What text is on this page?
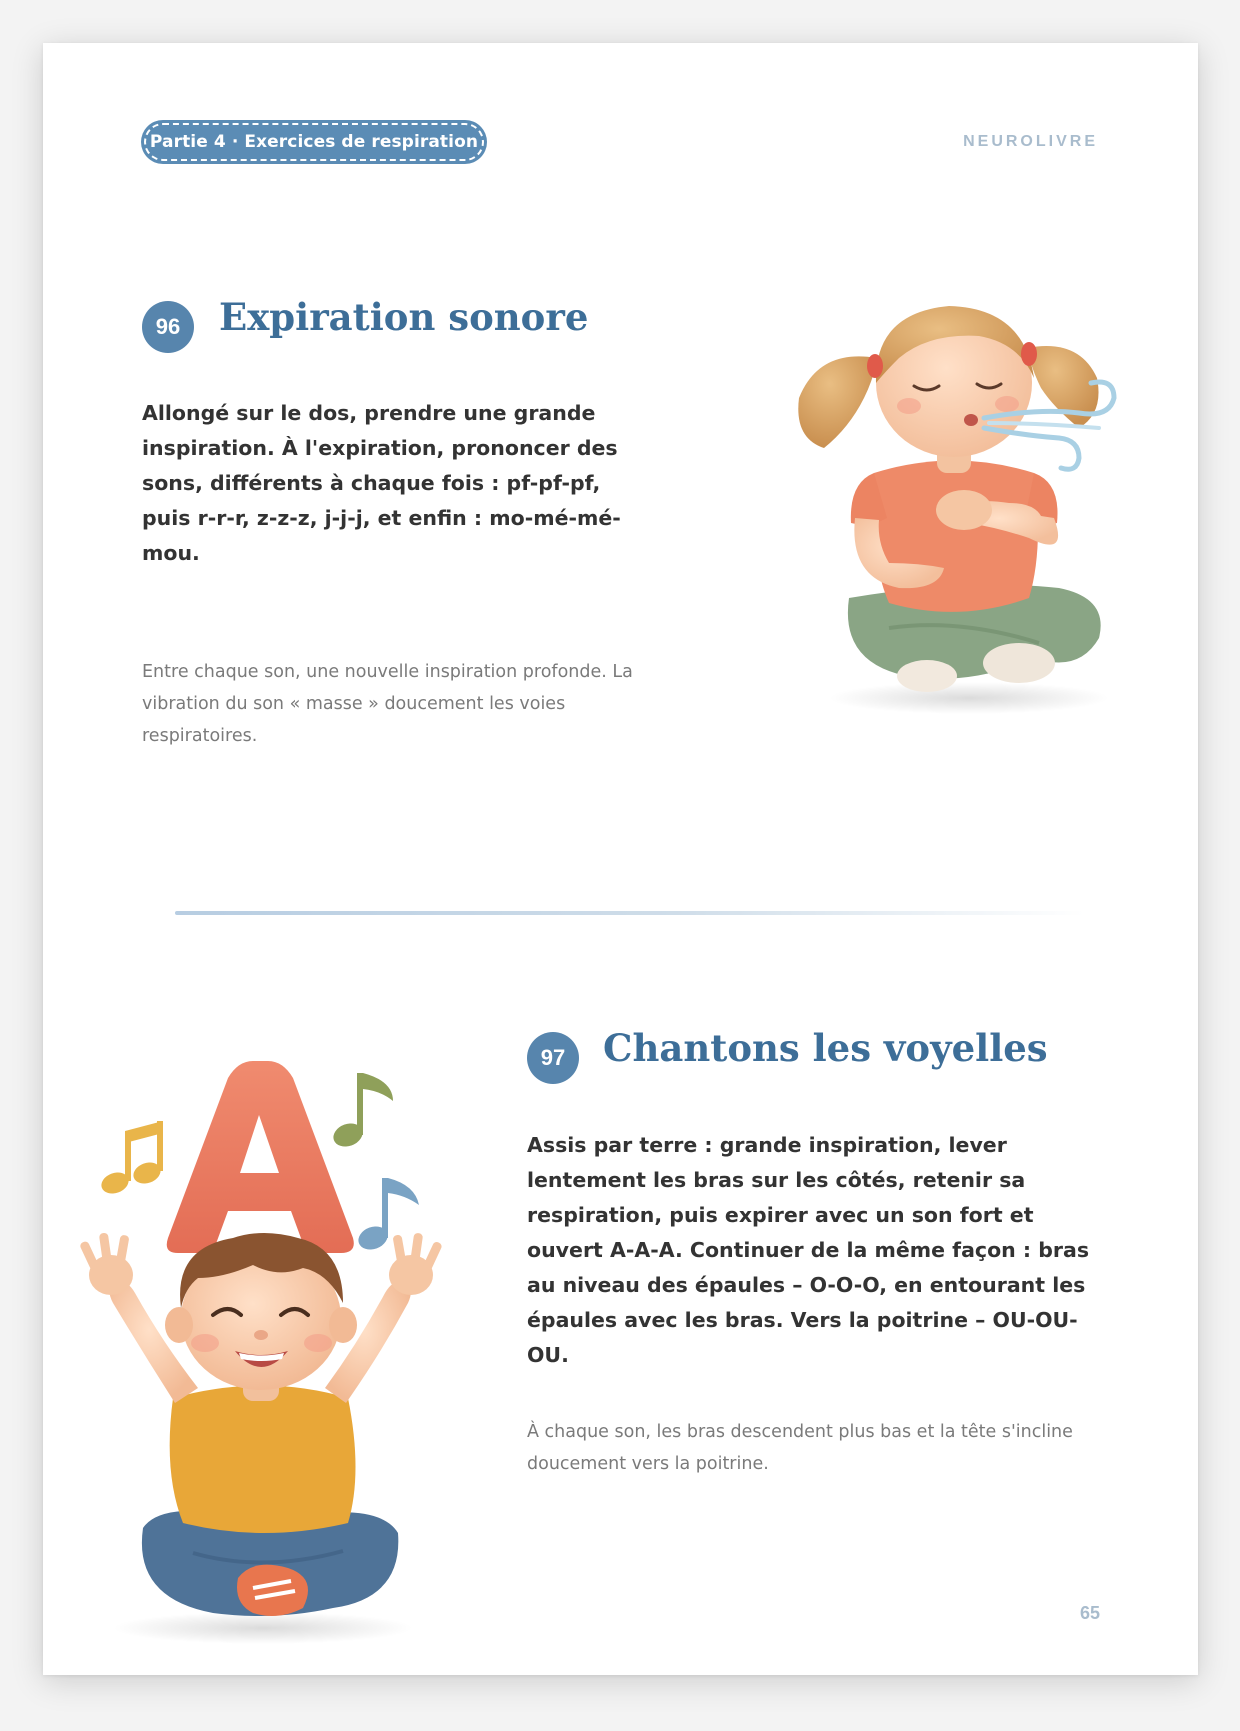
Partie 4 · Exercices de respiration	NEUROLIVRE
96	Expiration sonore
Allongé sur le dos, prendre une grande inspiration. À l'expiration, prononcer des sons, différents à chaque fois : pf-pf-pf, puis r-r-r, z-z-z, j-j-j, et enfin : mo-mé-mé-mou.
Entre chaque son, une nouvelle inspiration profonde. La vibration du son « masse » doucement les voies respiratoires.
97	Chantons les voyelles
Assis par terre : grande inspiration, lever lentement les bras sur les côtés, retenir sa respiration, puis expirer avec un son fort et ouvert A-A-A. Continuer de la même façon : bras au niveau des épaules – O-O-O, en entourant les épaules avec les bras. Vers la poitrine – OU-OU-OU.
À chaque son, les bras descendent plus bas et la tête s'incline doucement vers la poitrine.
65
